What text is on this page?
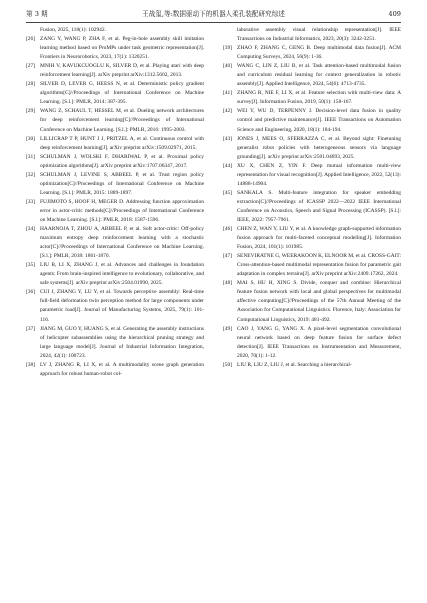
第 3 期	王战玺,等:数据驱动下的机器人柔孔装配研究综述	409
Fusion, 2025, 118(1): 102942.
[26] ZANG Y, WANG P, ZHA F, et al. Peg-in-hole assembly skill imitation learning method based on ProMPs under task geometric representation[J]. Frontiers in Neurorobotics, 2023, 17(1): 1320251.
[27] MNIH V, KAVUKCUOGLU K, SILVER D, et al. Playing atari with deep reinforcement learning[J]. arXiv preprint arXiv:1312.5602, 2013.
[28] SILVER D, LEVER G, HEESS N, et al. Deterministic policy gradient algorithms[C]//Proceedings of International Conference on Machine Learning. [S.l.]: PMLR, 2014: 387-395.
[29] WANG Z, SCHAUL T, HESSEL M, et al. Dueling network architectures for deep reinforcement learning[C]//Proceedings of International Conference on Machine Learning. [S.l.]: PMLR, 2016: 1995-2003.
[30] LILLICRAP T P, HUNT J J, PRITZEL A, et al. Continuous control with deep reinforcement learning[J]. arXiv preprint arXiv:1509.02971, 2015.
[31] SCHULMAN J, WOLSKI F, DHARIWAL P, et al. Proximal policy optimization algorithms[J]. arXiv preprint arXiv:1707.06347, 2017.
[32] SCHULMAN J, LEVINE S, ABBEEL P, et al. Trust region policy optimization[C]//Proceedings of International Conference on Machine Learning. [S.l.]: PMLR, 2015: 1889-1897.
[33] FUJIMOTO S, HOOF H, MEGER D. Addressing function approximation error in actor-critic methods[C]//Proceedings of International Conference on Machine Learning. [S.l.]: PMLR, 2018: 1587-1596.
[34] HAARNOJA T, ZHOU A, ABBEEL P, et al. Soft actor-critic: Off-policy maximum entropy deep reinforcement learning with a stochastic actor[C]//Proceedings of International Conference on Machine Learning. [S.l.]: PMLR, 2018: 1861-1870.
[35] LIU B, LI X, ZHANG J, et al. Advances and challenges in foundation agents: From brain-inspired intelligence to evolutionary, collaborative, and safe systems[J]. arXiv preprint arXiv:2504.01990, 2025.
[36] CUI J, ZHANG Y, LU Y, et al. Towards perceptive assembly: Real-time full-field deformation twin perception method for large components under parametric load[J]. Journal of Manufacturing Systems, 2025, 79(1): 101-116.
[37] JIANG M, GUO Y, HUANG S, et al. Generating the assembly instructions of helicopter subassemblies using the hierarchical pruning strategy and large language model[J]. Journal of Industrial Information Integration, 2024, 42(1): 100723.
[38] LV J, ZHANG R, LI X, et al. A multimodality scene graph generation approach for robust human-robot col-
laborative assembly visual relationship representation[J]. IEEE Transactions on Industrial Informatics, 2023, 20(3): 3242-3251.
[39] ZHAO F, ZHANG C, GENG B. Deep multimodal data fusion[J]. ACM Computing Surveys, 2024, 56(9): 1-36.
[40] WANG C, LIN Z, LIU B, et al. Task attention-based multimodal fusion and curriculum residual learning for context generalization in robotic assembly[J]. Applied Intelligence, 2024, 54(6): 4713-4735.
[41] ZHANG R, NIE F, LI X, et al. Feature selection with multi-view data: A survey[J]. Information Fusion, 2019, 50(1): 158-167.
[42] WEI Y, WU D, TERPENNY J. Decision-level data fusion in quality control and predictive maintenance[J]. IEEE Transactions on Automation Science and Engineering, 2020, 18(1): 184-194.
[43] JONES J, MEES O, SFERRAZZA C, et al. Beyond sight: Finetuning generalist robot policies with heterogeneous sensors via language grounding[J]. arXiv preprint arXiv:2501.04693, 2025.
[44] XU X, CHEN Z, YIN F. Deep mutual information multi-view representation for visual recognition[J]. Applied Intelligence, 2022, 52(13): 14888-14904.
[45] SANKALA S. Multi-feature integration for speaker embedding extraction[C]//Proceedings of ICASSP 2022—2022 IEEE International Conference on Acoustics, Speech and Signal Processing (ICASSP). [S.l.]: IEEE, 2022: 7957-7961.
[46] CHEN Z, WAN Y, LIU Y, et al. A knowledge graph-supported information fusion approach for multi-faceted conceptual modelling[J]. Information Fusion, 2024, 101(1): 101985.
[47] SENEVIRATNE G, WEERAKOON K, ELNOOR M, et al. CROSS-GAIT: Cross-attention-based multimodal representation fusion for parametric gait adaptation in complex terrains[J]. arXiv preprint arXiv:2409.17262, 2024.
[48] MAI S, HU H, XING S. Divide, conquer and combine: Hierarchical feature fusion network with local and global perspectives for multimodal affective computing[C]//Proceedings of the 57th Annual Meeting of the Association for Computational Linguistics. Florence, Italy: Association for Computational Linguistics, 2019: 481-492.
[49] CAO J, YANG G, YANG X. A pixel-level segmentation convolutional neural network based on deep feature fusion for surface defect detection[J]. IEEE Transactions on Instrumentation and Measurement, 2020, 70(1): 1-12.
[50] LIU R, LIU Z, LIU J, et al. Searching a hierarchical-
